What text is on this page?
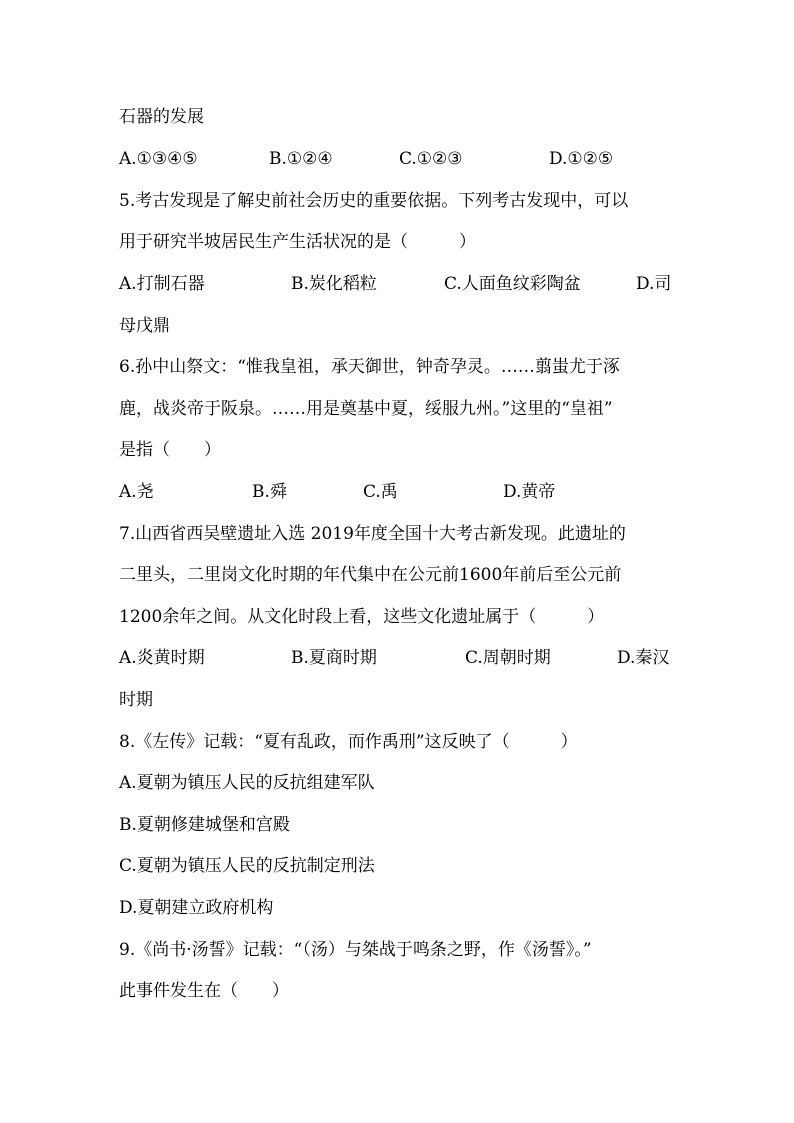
石器的发展
A.①③④⑤	B.①②④	C.①②③	D.①②⑤
5.考古发现是了解史前社会历史的重要依据。下列考古发现中，可以
用于研究半坡居民生产生活状况的是（　　　）
A.打制石器	B.炭化稻粒	C.人面鱼纹彩陶盆	D.司
母戊鼎
6.孙中山祭文：“惟我皇祖，承天御世，钟奇孕灵。……翦蚩尤于涿
鹿，战炎帝于阪泉。……用是奠基中夏，绥服九州。”这里的“皇祖”
是指（　　）
A.尧	B.舜	C.禹	D.黄帝
7.山西省西吴壁遗址入选 2019年度全国十大考古新发现。此遗址的
二里头，二里岗文化时期的年代集中在公元前1600年前后至公元前
1200余年之间。从文化时段上看，这些文化遗址属于（　　　）
A.炎黄时期	B.夏商时期	C.周朝时期	D.秦汉
时期
8.《左传》记载：“夏有乱政，而作禹刑”这反映了（　　　）
A.夏朝为镇压人民的反抗组建军队
B.夏朝修建城堡和宫殿
C.夏朝为镇压人民的反抗制定刑法
D.夏朝建立政府机构
9.《尚书·汤誓》记载：“（汤）与桀战于鸣条之野，作《汤誓》。”
此事件发生在（　　）
